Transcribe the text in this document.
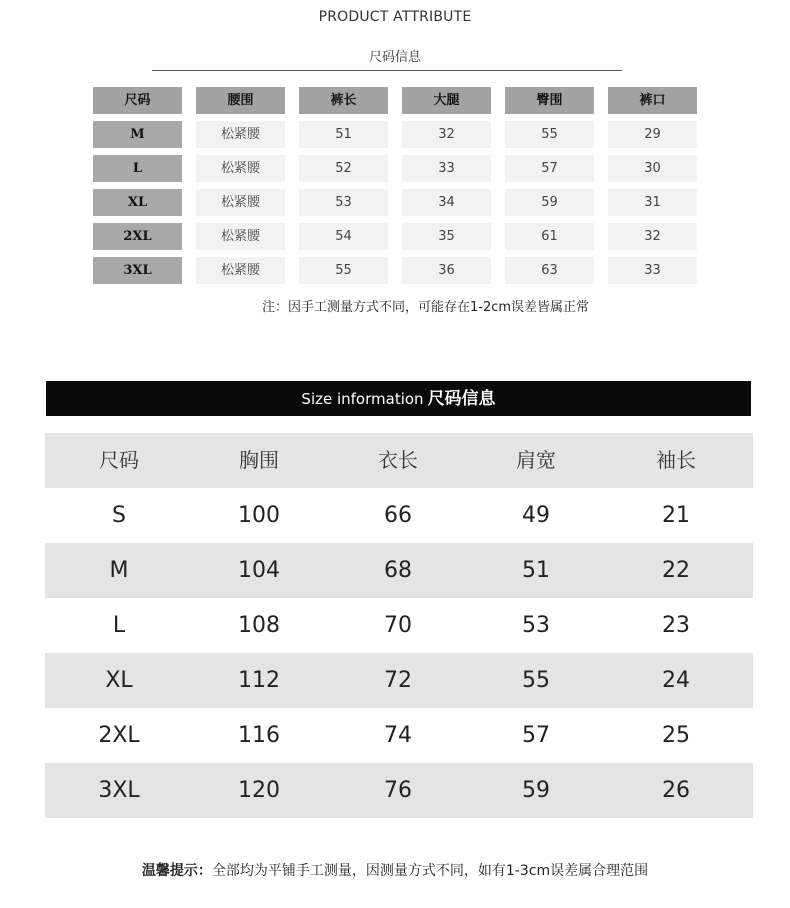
PRODUCT ATTRIBUTE
尺码信息
尺码	腰围	裤长	大腿	臀围	裤口
M	松紧腰	51	32	55	29
L	松紧腰	52	33	57	30
XL	松紧腰	53	34	59	31
2XL	松紧腰	54	35	61	32
3XL	松紧腰	55	36	63	33
注：因手工测量方式不同，可能存在1-2cm误差皆属正常
Size information 尺码信息
尺码	胸围	衣长	肩宽	袖长
S	100	66	49	21
M	104	68	51	22
L	108	70	53	23
XL	112	72	55	24
2XL	116	74	57	25
3XL	120	76	59	26
温馨提示：全部均为平铺手工测量，因测量方式不同，如有1-3cm误差属合理范围
